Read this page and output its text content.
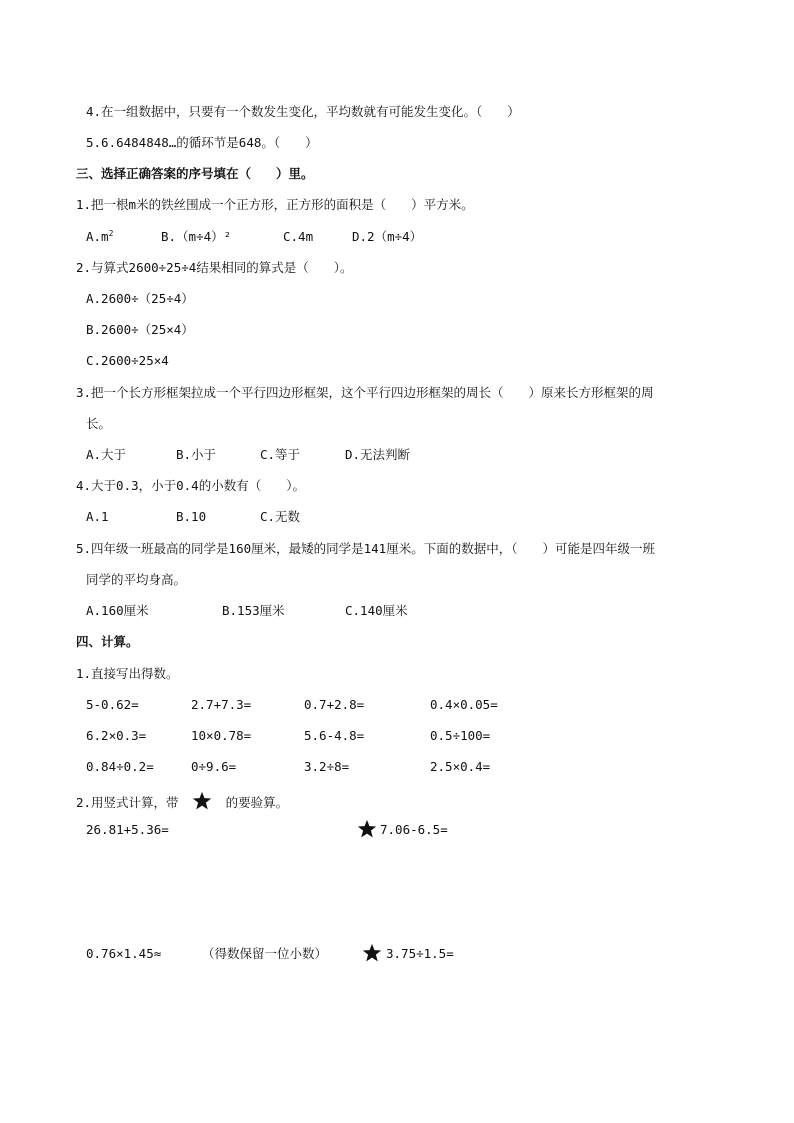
4.在一组数据中，只要有一个数发生变化，平均数就有可能发生变化。（　　）
5.6.6484848…的循环节是648。（　　）
三、选择正确答案的序号填在（　　）里。
1.把一根m米的铁丝围成一个正方形，正方形的面积是（　　）平方米。
$A.m^2$	B.（m÷4）²	C.4m	D.2（m÷4）
2.与算式2600÷25÷4结果相同的算式是（　　）。
A.2600÷（25÷4）
B.2600÷（25×4）
C.2600÷25×4
3.把一个长方形框架拉成一个平行四边形框架，这个平行四边形框架的周长（　　）原来长方形框架的周
长。
A.大于	B.小于	C.等于	D.无法判断
4.大于0.3，小于0.4的小数有（　　）。
A.1	B.10	C.无数
5.四年级一班最高的同学是160厘米，最矮的同学是141厘米。下面的数据中，（　　）可能是四年级一班
同学的平均身高。
A.160厘米	B.153厘米	C.140厘米
四、计算。
1.直接写出得数。
5-0.62=	2.7+7.3=	0.7+2.8=	0.4×0.05=
6.2×0.3=	10×0.78=	5.6-4.8=	0.5÷100=
0.84÷0.2=	0÷9.6=	3.2÷8=	2.5×0.4=
2.用竖式计算，带	的要验算。
26.81+5.36=	7.06-6.5=
0.76×1.45≈	（得数保留一位小数）	3.75÷1.5=
